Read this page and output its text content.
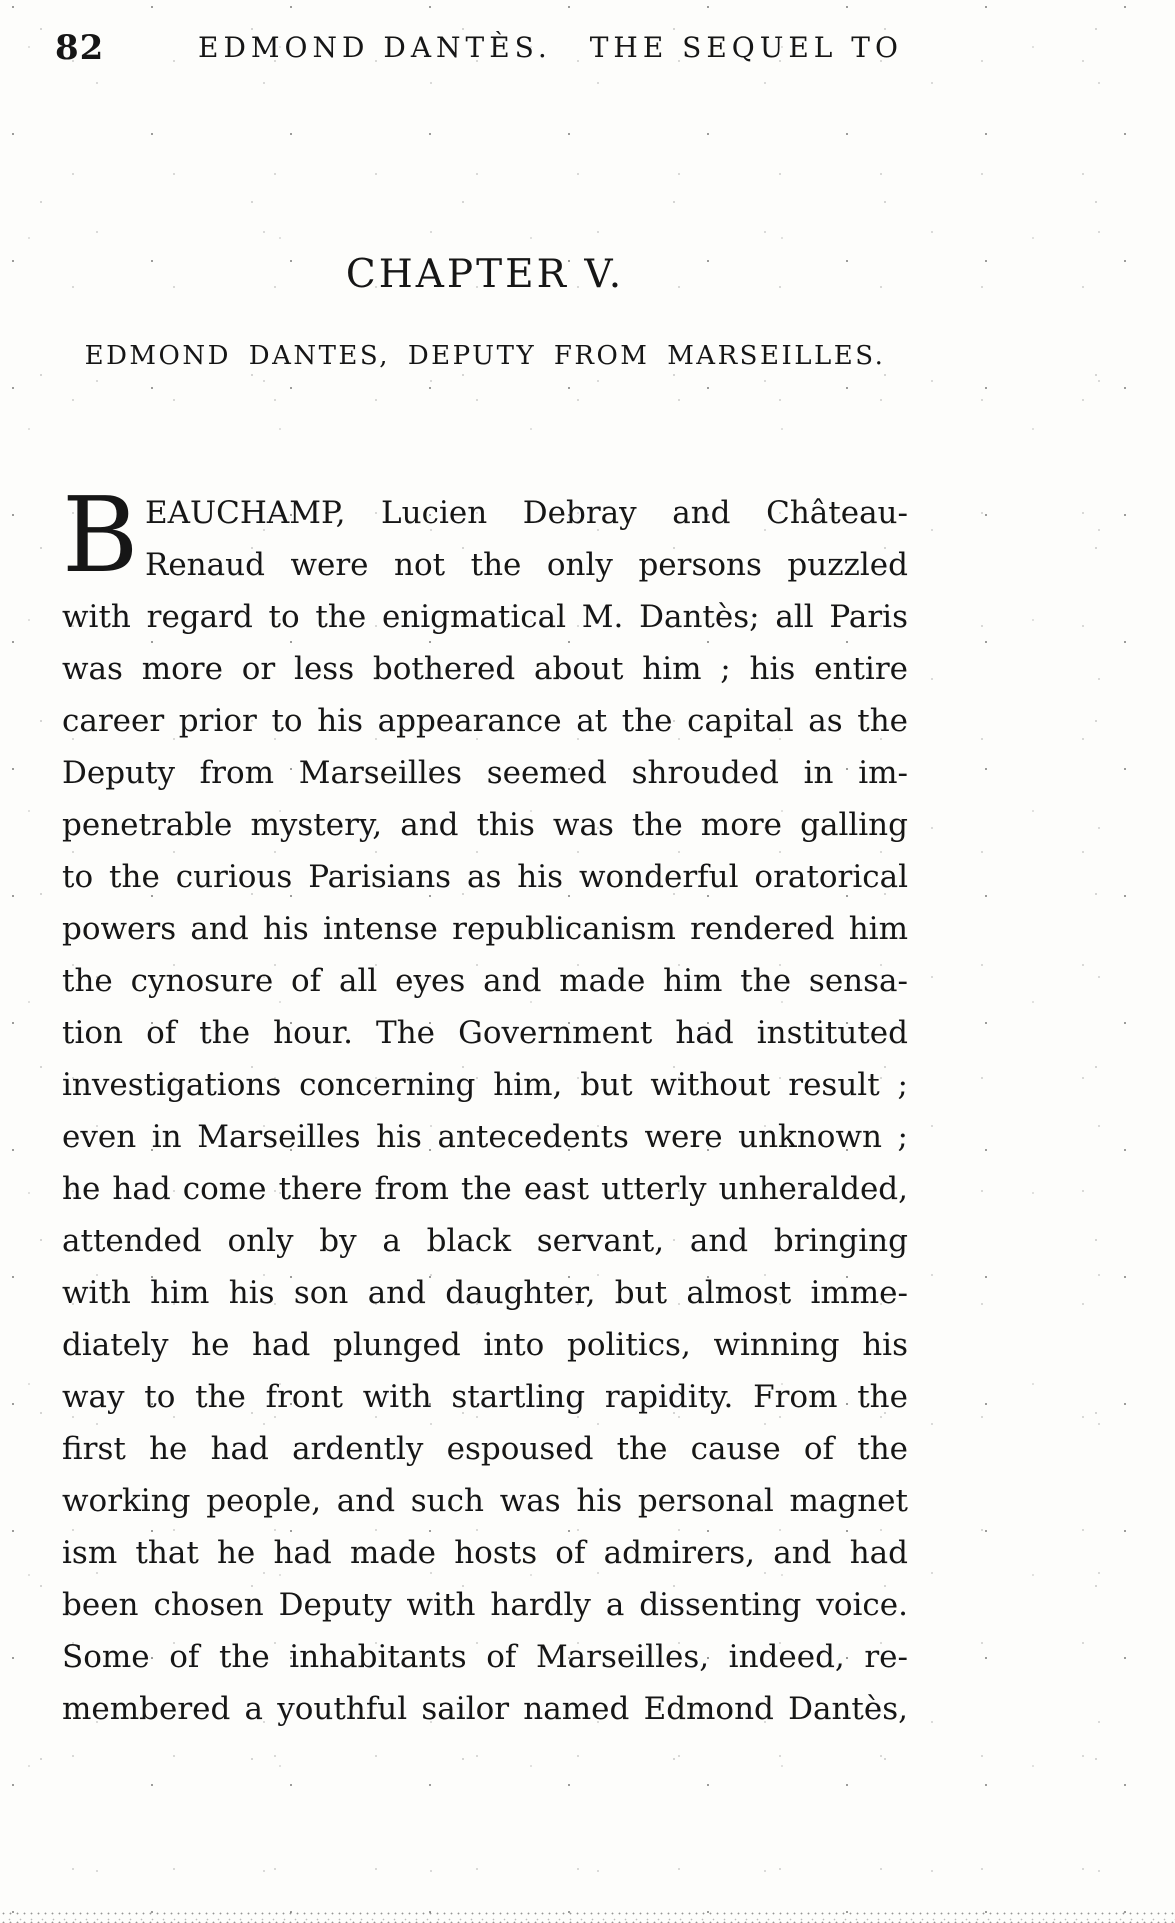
82	EDMOND DANTÈS. THE SEQUEL TO
CHAPTER V.
EDMOND DANTES, DEPUTY FROM MARSEILLES.
B EAUCHAMP, Lucien Debray and Château-
Renaud were not the only persons puzzled
with regard to the enigmatical M. Dantès; all Paris
was more or less bothered about him ; his entire
career prior to his appearance at the capital as the
Deputy from Marseilles seemed shrouded in im-
penetrable mystery, and this was the more galling
to the curious Parisians as his wonderful oratorical
powers and his intense republicanism rendered him
the cynosure of all eyes and made him the sensa-
tion of the hour. The Government had instituted
investigations concerning him, but without result ;
even in Marseilles his antecedents were unknown ;
he had come there from the east utterly unheralded,
attended only by a black servant, and bringing
with him his son and daughter, but almost imme-
diately he had plunged into politics, winning his
way to the front with startling rapidity. From the
first he had ardently espoused the cause of the
working people, and such was his personal magnet
ism that he had made hosts of admirers, and had
been chosen Deputy with hardly a dissenting voice.
Some of the inhabitants of Marseilles, indeed, re-
membered a youthful sailor named Edmond Dantès,
